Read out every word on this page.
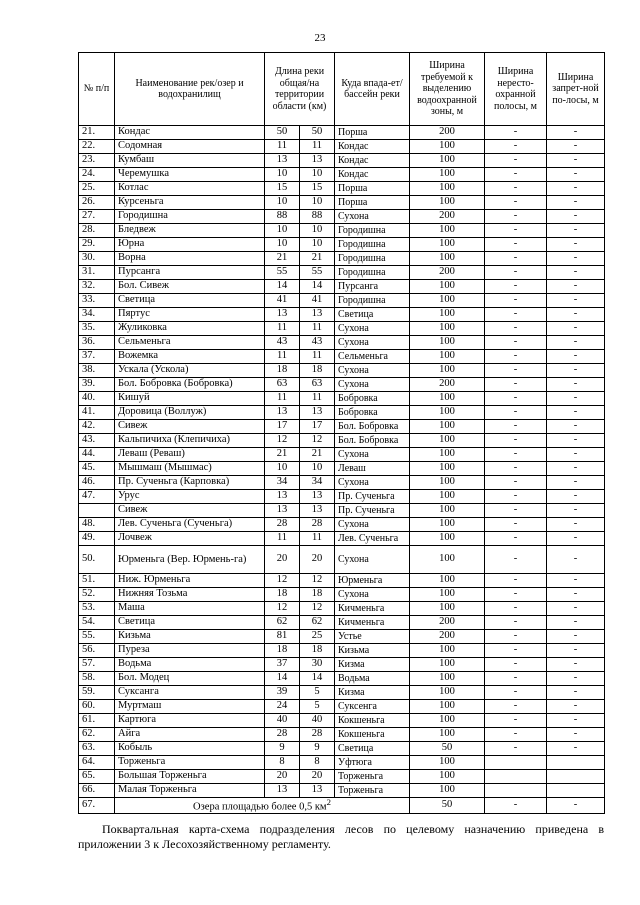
23
№ п/п	Наименование рек/озер и водохранилищ	Длина реки общая/на территории области (км)		Куда впада-ет/бассейн реки	Ширина требуемой к выделению водоохранной зоны, м	Ширина нересто-охранной полосы, м	Ширина запрет-ной по-лосы, м
21.	Кондас	50	50	Порша	200	-	-
22.	Содомная	11	11	Кондас	100	-	-
23.	Кумбаш	13	13	Кондас	100	-	-
24.	Черемушка	10	10	Кондас	100	-	-
25.	Котлас	15	15	Порша	100	-	-
26.	Курсеньга	10	10	Порша	100	-	-
27.	Городишна	88	88	Сухона	200	-	-
28.	Бледвеж	10	10	Городишна	100	-	-
29.	Юрна	10	10	Городишна	100	-	-
30.	Ворна	21	21	Городишна	100	-	-
31.	Пурсанга	55	55	Городишна	200	-	-
32.	Бол. Сивеж	14	14	Пурсанга	100	-	-
33.	Светица	41	41	Городишна	100	-	-
34.	Пяртус	13	13	Светица	100	-	-
35.	Жуликовка	11	11	Сухона	100	-	-
36.	Сельменьга	43	43	Сухона	100	-	-
37.	Вожемка	11	11	Сельменьга	100	-	-
38.	Ускала (Ускола)	18	18	Сухона	100	-	-
39.	Бол. Бобровка (Бобровка)	63	63	Сухона	200	-	-
40.	Кишуй	11	11	Бобровка	100	-	-
41.	Доровица (Воллуж)	13	13	Бобровка	100	-	-
42.	Сивеж	17	17	Бол. Бобровка	100	-	-
43.	Кальпичиха (Клепичиха)	12	12	Бол. Бобровка	100	-	-
44.	Леваш (Реваш)	21	21	Сухона	100	-	-
45.	Мышмаш (Мышмас)	10	10	Леваш	100	-	-
46.	Пр. Сученьга (Карповка)	34	34	Сухона	100	-	-
47.	Урус	13	13	Пр. Сученьга	100	-	-
	Сивеж	13	13	Пр. Сученьга	100	-	-
48.	Лев. Сученьга (Сученьга)	28	28	Сухона	100	-	-
49.	Лочвеж	11	11	Лев. Сученьга	100	-	-
50.	Юрменьга (Вер. Юрмень-га)	20	20	Сухона	100	-	-
51.	Ниж. Юрменьга	12	12	Юрменьга	100	-	-
52.	Нижняя Тозьма	18	18	Сухона	100	-	-
53.	Маша	12	12	Кичменьга	100	-	-
54.	Светица	62	62	Кичменьга	200	-	-
55.	Кизьма	81	25	Устье	200	-	-
56.	Пуреза	18	18	Кизьма	100	-	-
57.	Водьма	37	30	Кизма	100	-	-
58.	Бол. Модец	14	14	Водьма	100	-	-
59.	Суксанга	39	5	Кизма	100	-	-
60.	Муртмаш	24	5	Суксенга	100	-	-
61.	Картюга	40	40	Кокшеньга	100	-	-
62.	Айга	28	28	Кокшеньга	100	-	-
63.	Кобыль	9	9	Светица	50	-	-
64.	Торженьга	8	8	Уфтюга	100		
65.	Большая Торженьга	20	20	Торженьга	100		
66.	Малая Торженьга	13	13	Торженьга	100		
67.	Озера площадью более 0,5 $км^2$				50	-	-
Поквартальная карта-схема подразделения лесов по целевому назначению приведена в приложении 3 к Лесохозяйственному регламенту.
